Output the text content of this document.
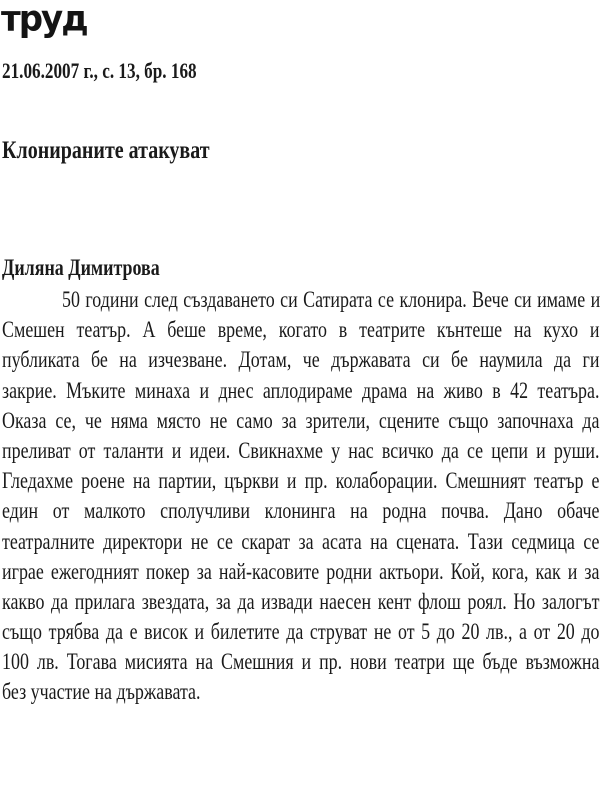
труд
21.06.2007 г., с. 13, бр. 168
Клонираните атакуват
Диляна Димитрова
50 години след създаването си Сатирата се клонира. Вече си имаме и
Смешен театър. А беше време, когато в театрите кънтеше на кухо и
публиката бе на изчезване. Дотам, че държавата си бе наумила да ги
закрие. Мъките минаха и днес аплодираме драма на живо в 42 театъра.
Оказа се, че няма място не само за зрители, сцените също започнаха да
преливат от таланти и идеи. Свикнахме у нас всичко да се цепи и руши.
Гледахме роене на партии, църкви и пр. колаборации. Смешният театър е
един от малкото сполучливи клонинга на родна почва. Дано обаче
театралните директори не се скарат за асата на сцената. Тази седмица се
играе ежегодният покер за най-касовите родни актьори. Кой, кога, как и за
какво да прилага звездата, за да извади наесен кент флош роял. Но залогът
също трябва да е висок и билетите да струват не от 5 до 20 лв., а от 20 до
100 лв. Тогава мисията на Смешния и пр. нови театри ще бъде възможна
без участие на държавата.
